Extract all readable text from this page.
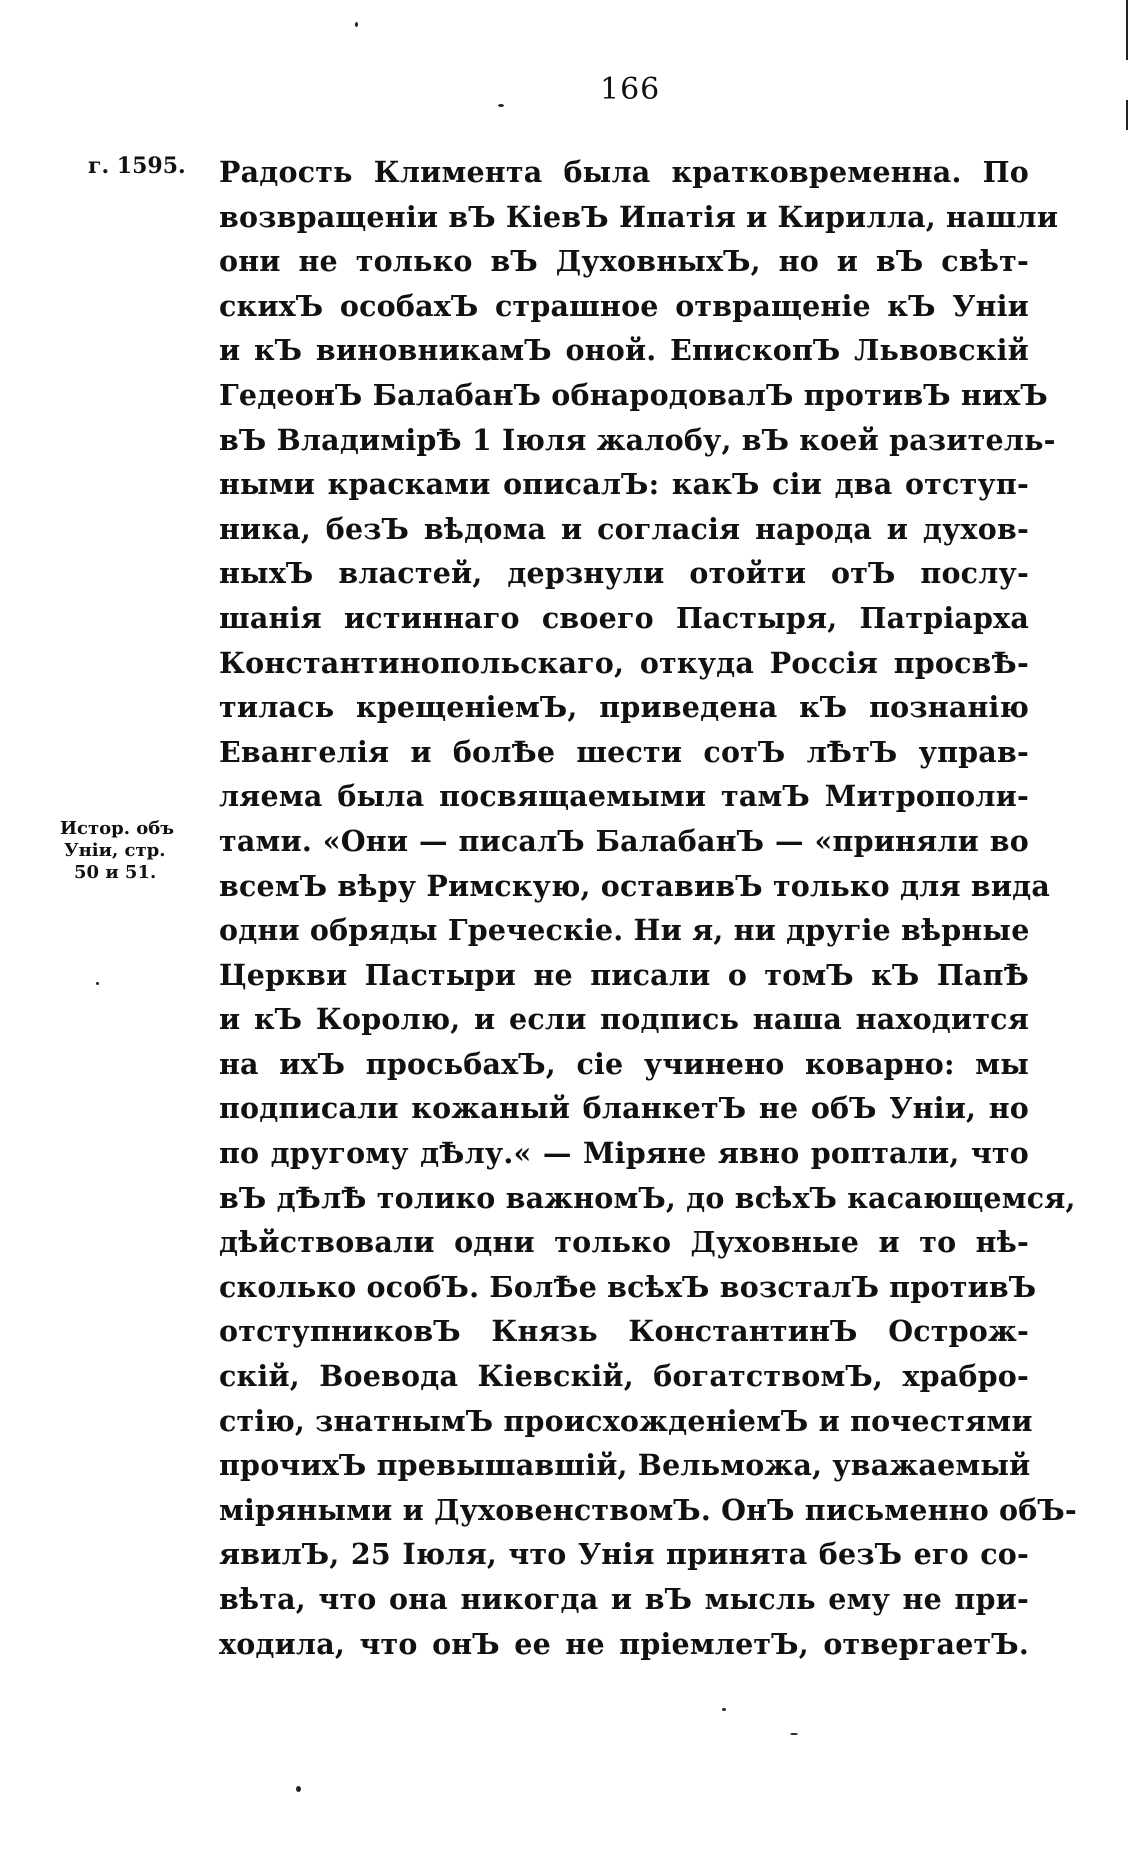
166
г. 1595.
Истор. объ
Уніи, стр.
50 и 51.
Радость Климента была кратковременна. По
возвращеніи вЪ КіевЪ Ипатія и Кирилла, нашли
они не только вЪ ДуховныхЪ, но и вЪ свѣт-
скихЪ особахЪ страшное отвращеніе кЪ Уніи
и кЪ виновникамЪ оной. ЕпископЪ Львовскій
ГедеонЪ БалабанЪ обнародовалЪ противЪ нихЪ
вЪ ВладимірѢ 1 Іюля жалобу, вЪ коей разитель-
ными красками описалЪ: какЪ сіи два отступ-
ника, безЪ вѣдома и согласія народа и духов-
ныхЪ властей, дерзнули отойти отЪ послу-
шанія истиннаго своего Пастыря, Патріарха
Константинопольскаго, откуда Россія просвѢ-
тилась крещеніемЪ, приведена кЪ познанію
Евангелія и болѢе шести сотЪ лѢтЪ управ-
ляема была посвящаемыми тамЪ Митрополи-
тами. «Они — писалЪ БалабанЪ — «приняли во
всемЪ вѣру Римскую, оставивЪ только для вида
одни обряды Греческіе. Ни я, ни другіе вѣрные
Церкви Пастыри не писали о томЪ кЪ ПапѢ
и кЪ Королю, и если подпись наша находится
на ихЪ просьбахЪ, сіе учинено коварно: мы
подписали кожаный бланкетЪ не обЪ Уніи, но
по другому дѢлу.« — Міряне явно роптали, что
вЪ дѢлѢ толико важномЪ, до всѣхЪ касающемся,
дѣйствовали одни только Духовные и то нѣ-
сколько особЪ. БолѢе всѣхЪ возсталЪ противЪ
отступниковЪ Князь КонстантинЪ Острож-
скій, Воевода Кіевскій, богатствомЪ, храбро-
стію, знатнымЪ происхожденіемЪ и почестями
прочихЪ превышавшій, Вельможа, уважаемый
міряными и ДуховенствомЪ. ОнЪ письменно обЪ-
явилЪ, 25 Іюля, что Унія принята безЪ его со-
вѣта, что она никогда и вЪ мысль ему не при-
ходила, что онЪ ее не пріемлетЪ, отвергаетЪ.
